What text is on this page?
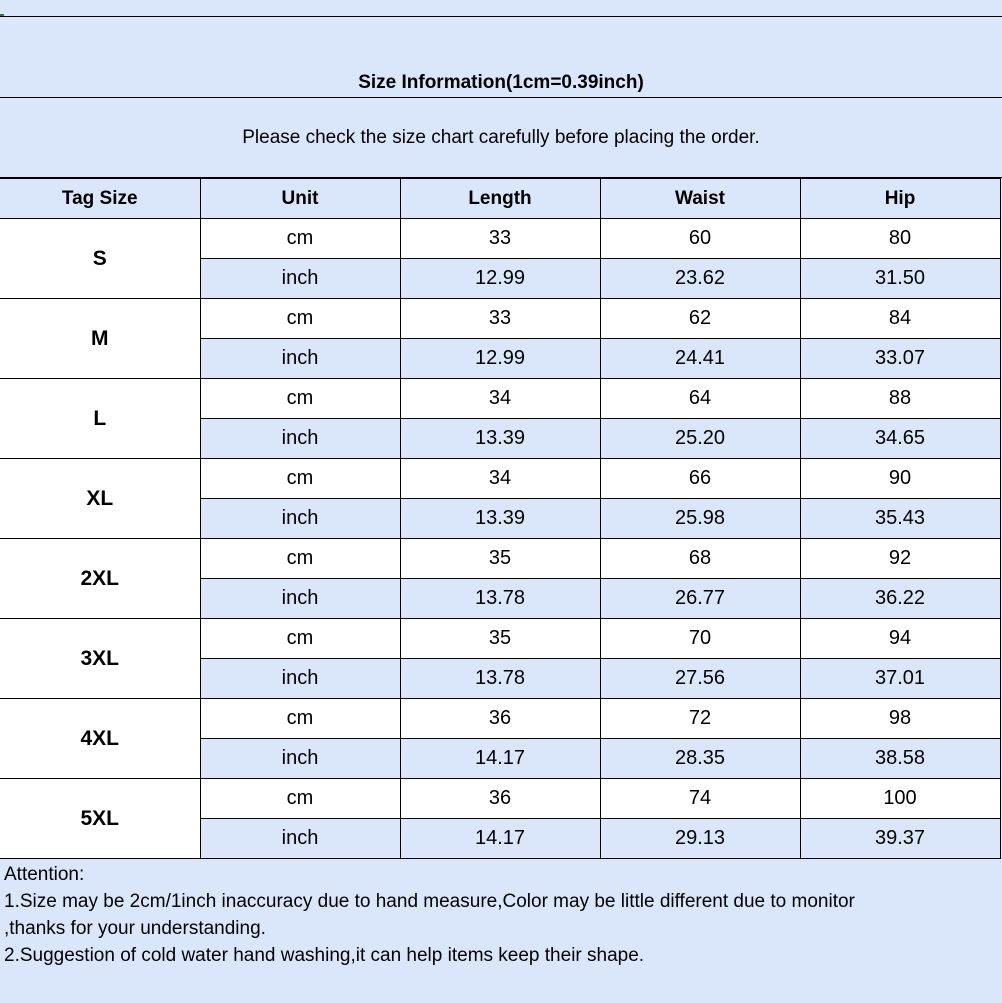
Size Information(1cm=0.39inch)
Please check the size chart carefully before placing the order.
Tag Size	Unit	Length	Waist	Hip
S	cm	33	60	80
	inch	12.99	23.62	31.50
M	cm	33	62	84
	inch	12.99	24.41	33.07
L	cm	34	64	88
	inch	13.39	25.20	34.65
XL	cm	34	66	90
	inch	13.39	25.98	35.43
2XL	cm	35	68	92
	inch	13.78	26.77	36.22
3XL	cm	35	70	94
	inch	13.78	27.56	37.01
4XL	cm	36	72	98
	inch	14.17	28.35	38.58
5XL	cm	36	74	100
	inch	14.17	29.13	39.37
Attention:
1.Size may be 2cm/1inch inaccuracy due to hand measure,Color may be little different due to monitor
,thanks for your understanding.
2.Suggestion of cold water hand washing,it can help items keep their shape.
